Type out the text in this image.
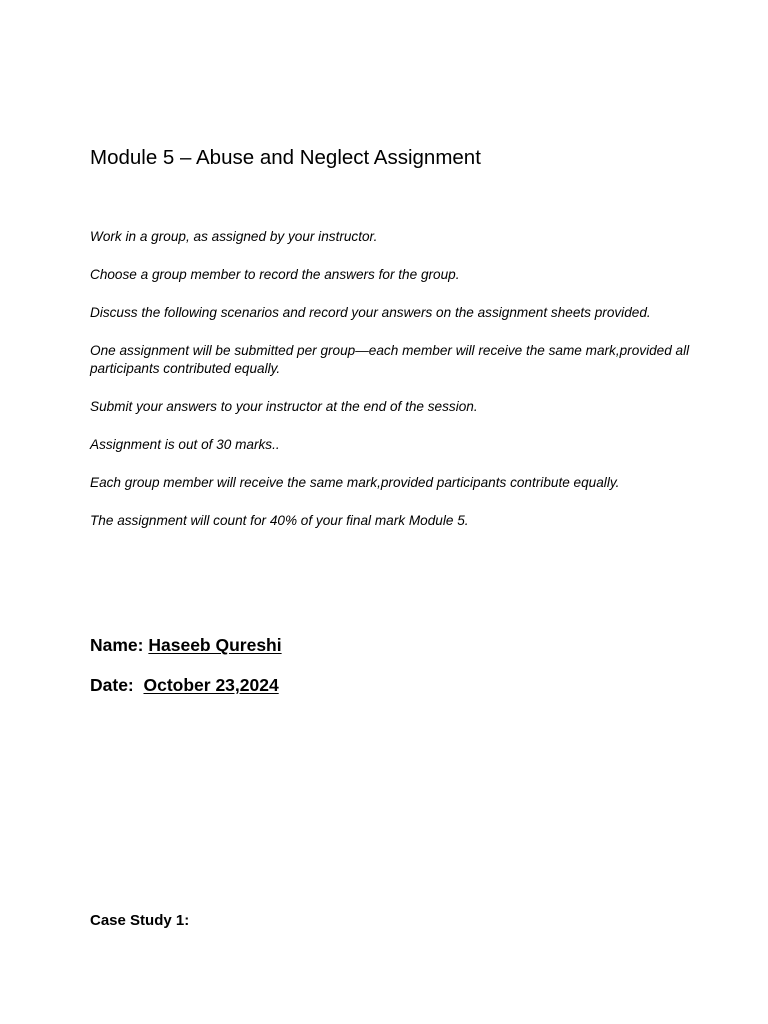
Module 5 – Abuse and Neglect Assignment
Work in a group, as assigned by your instructor.
Choose a group member to record the answers for the group.
Discuss the following scenarios and record your answers on the assignment sheets provided.
One assignment will be submitted per group—each member will receive the same mark,provided all participants contributed equally.
Submit your answers to your instructor at the end of the session.
Assignment is out of 30 marks..
Each group member will receive the same mark,provided participants contribute equally.
The assignment will count for 40% of your final mark Module 5.
Name: Haseeb Qureshi
Date:  October 23,2024
Case Study 1:
